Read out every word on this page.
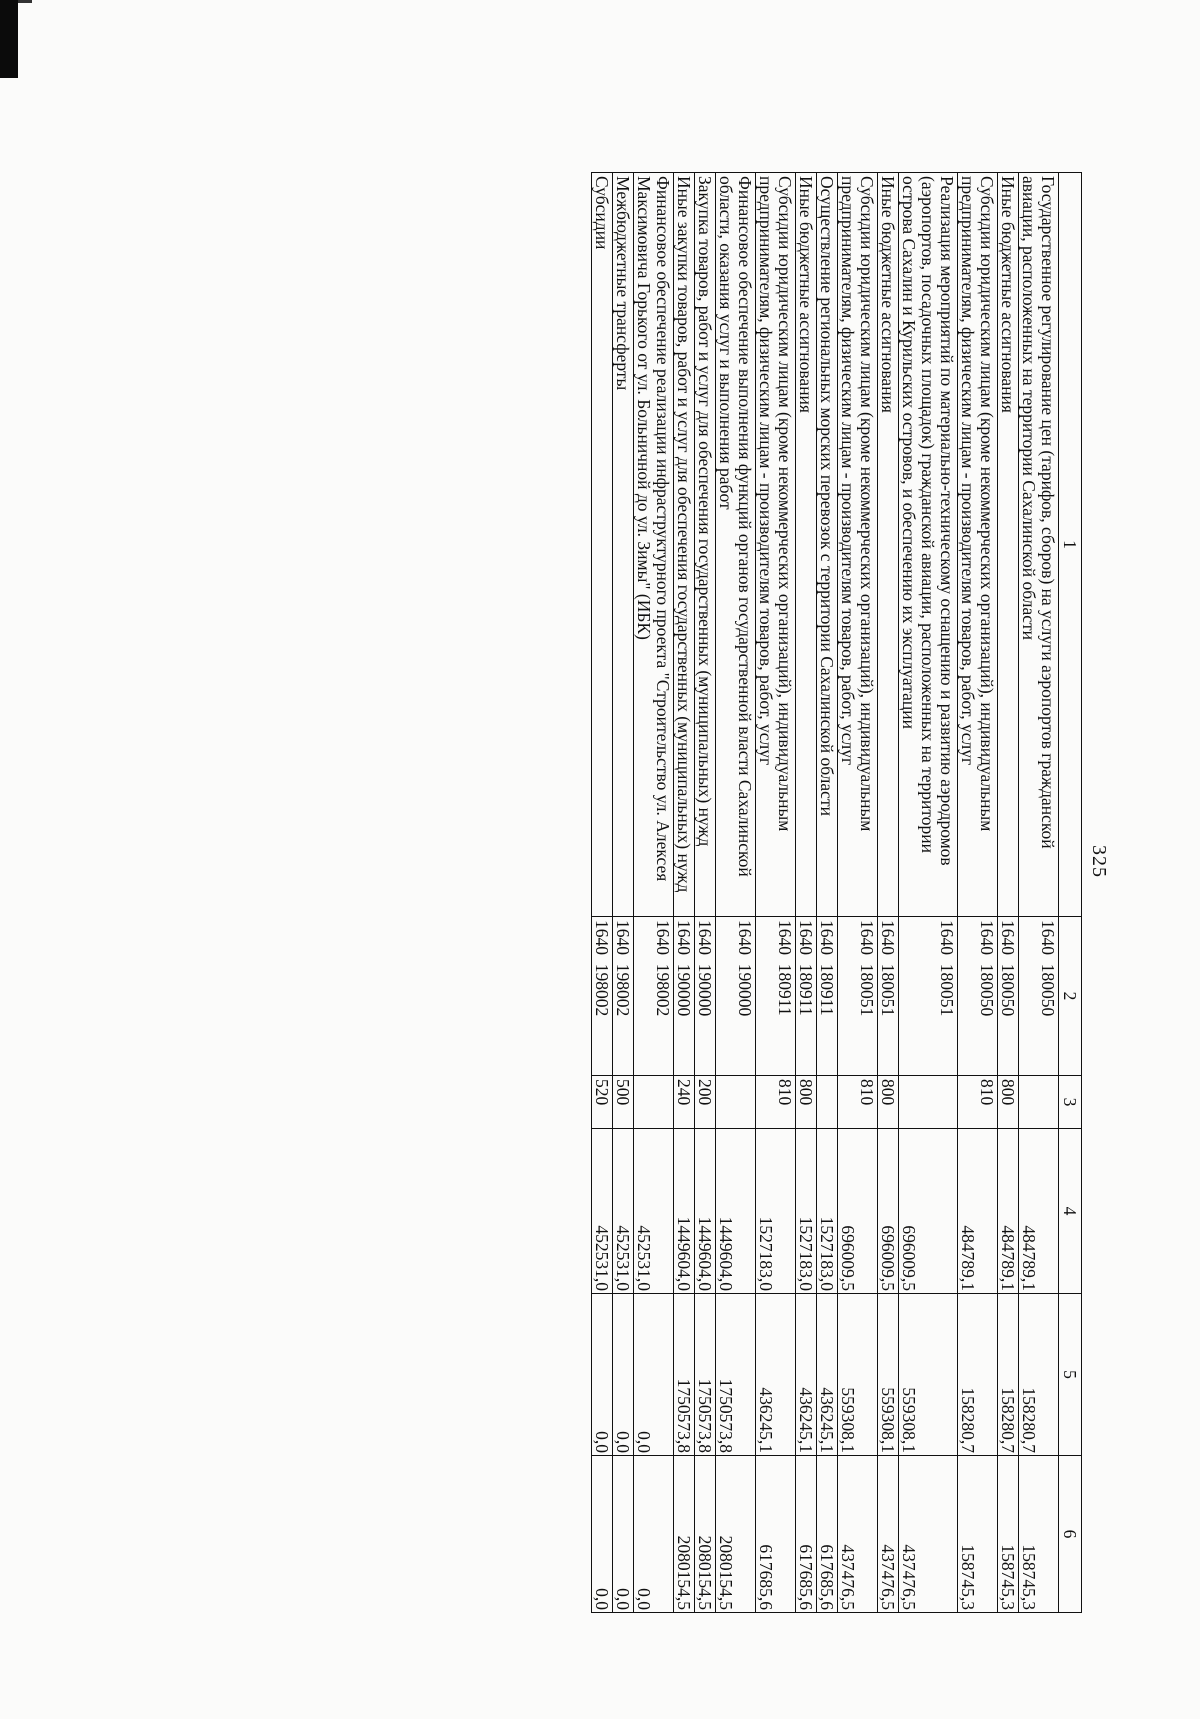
325
1	2	3	4	5	6
Государственное регулирование цен (тарифов, сборов) на услуги аэропортов гражданской авиации, расположенных на территории Сахалинской области	1640  180050		484789,1	158280,7	158745,3
Иные бюджетные ассигнования	1640  180050	800	484789,1	158280,7	158745,3
Субсидии юридическим лицам (кроме некоммерческих организаций), индивидуальным предпринимателям, физическим лицам - производителям товаров, работ, услуг	1640  180050	810	484789,1	158280,7	158745,3
Реализация мероприятий по материально-техническому оснащению и развитию аэродромов (аэропортов, посадочных площадок) гражданской авиации, расположенных на территории острова Сахалин и Курильских островов, и обеспечению их эксплуатации	1640  180051		696009,5	559308,1	437476,5
Иные бюджетные ассигнования	1640  180051	800	696009,5	559308,1	437476,5
Субсидии юридическим лицам (кроме некоммерческих организаций), индивидуальным предпринимателям, физическим лицам - производителям товаров, работ, услуг	1640  180051	810	696009,5	559308,1	437476,5
Осуществление региональных морских перевозок с территории Сахалинской области	1640  180911		1527183,0	436245,1	617685,6
Иные бюджетные ассигнования	1640  180911	800	1527183,0	436245,1	617685,6
Субсидии юридическим лицам (кроме некоммерческих организаций), индивидуальным предпринимателям, физическим лицам - производителям товаров, работ, услуг	1640  180911	810	1527183,0	436245,1	617685,6
Финансовое обеспечение выполнения функций органов государственной власти Сахалинской области, оказания услуг и выполнения работ	1640  190000		1449604,0	1750573,8	2080154,5
Закупка товаров, работ и услуг для обеспечения государственных (муниципальных) нужд	1640  190000	200	1449604,0	1750573,8	2080154,5
Иные закупки товаров, работ и услуг для обеспечения государственных (муниципальных) нужд	1640  190000	240	1449604,0	1750573,8	2080154,5
Финансовое обеспечение реализации инфраструктурного проекта "Строительство ул. Алексея Максимовича Горького от ул. Больничной до ул. Зимы" (ИБК)	1640  198002		452531,0	0,0	0,0
Межбюджетные трансферты	1640  198002	500	452531,0	0,0	0,0
Субсидии	1640  198002	520	452531,0	0,0	0,0
